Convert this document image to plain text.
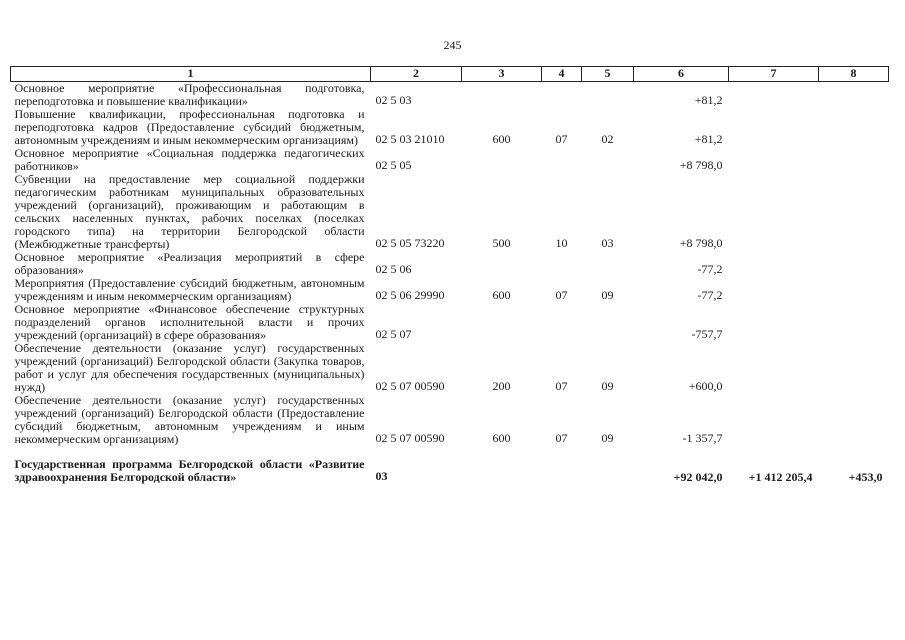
245
1	2	3	4	5	6	7	8
Основное мероприятие «Профессиональная подготовка, переподготовка и повышение квалификации»	02 5 03				+81,2		
Повышение квалификации, профессиональная подготовка и переподготовка кадров (Предоставление субсидий бюджетным, автономным учреждениям и иным некоммерческим организациям)	02 5 03 21010	600	07	02	+81,2		
Основное мероприятие «Социальная поддержка педагогических работников»	02 5 05				+8 798,0		
Субвенции на предоставление мер социальной поддержки педагогическим работникам муниципальных образовательных учреждений (организаций), проживающим и работающим в сельских населенных пунктах, рабочих поселках (поселках городского типа) на территории Белгородской области (Межбюджетные трансферты)	02 5 05 73220	500	10	03	+8 798,0		
Основное мероприятие «Реализация мероприятий в сфере образования»	02 5 06				-77,2		
Мероприятия (Предоставление субсидий бюджетным, автономным учреждениям и иным некоммерческим организациям)	02 5 06 29990	600	07	09	-77,2		
Основное мероприятие «Финансовое обеспечение структурных подразделений органов исполнительной власти и прочих учреждений (организаций) в сфере образования»	02 5 07				-757,7		
Обеспечение деятельности (оказание услуг) государственных учреждений (организаций) Белгородской области (Закупка товаров, работ и услуг для обеспечения государственных (муниципальных) нужд)	02 5 07 00590	200	07	09	+600,0		
Обеспечение деятельности (оказание услуг) государственных учреждений (организаций) Белгородской области (Предоставление субсидий бюджетным, автономным учреждениям и иным некоммерческим организациям)	02 5 07 00590	600	07	09	-1 357,7		
Государственная программа Белгородской области «Развитие здравоохранения Белгородской области»	03				+92 042,0	+1 412 205,4	+453,0
